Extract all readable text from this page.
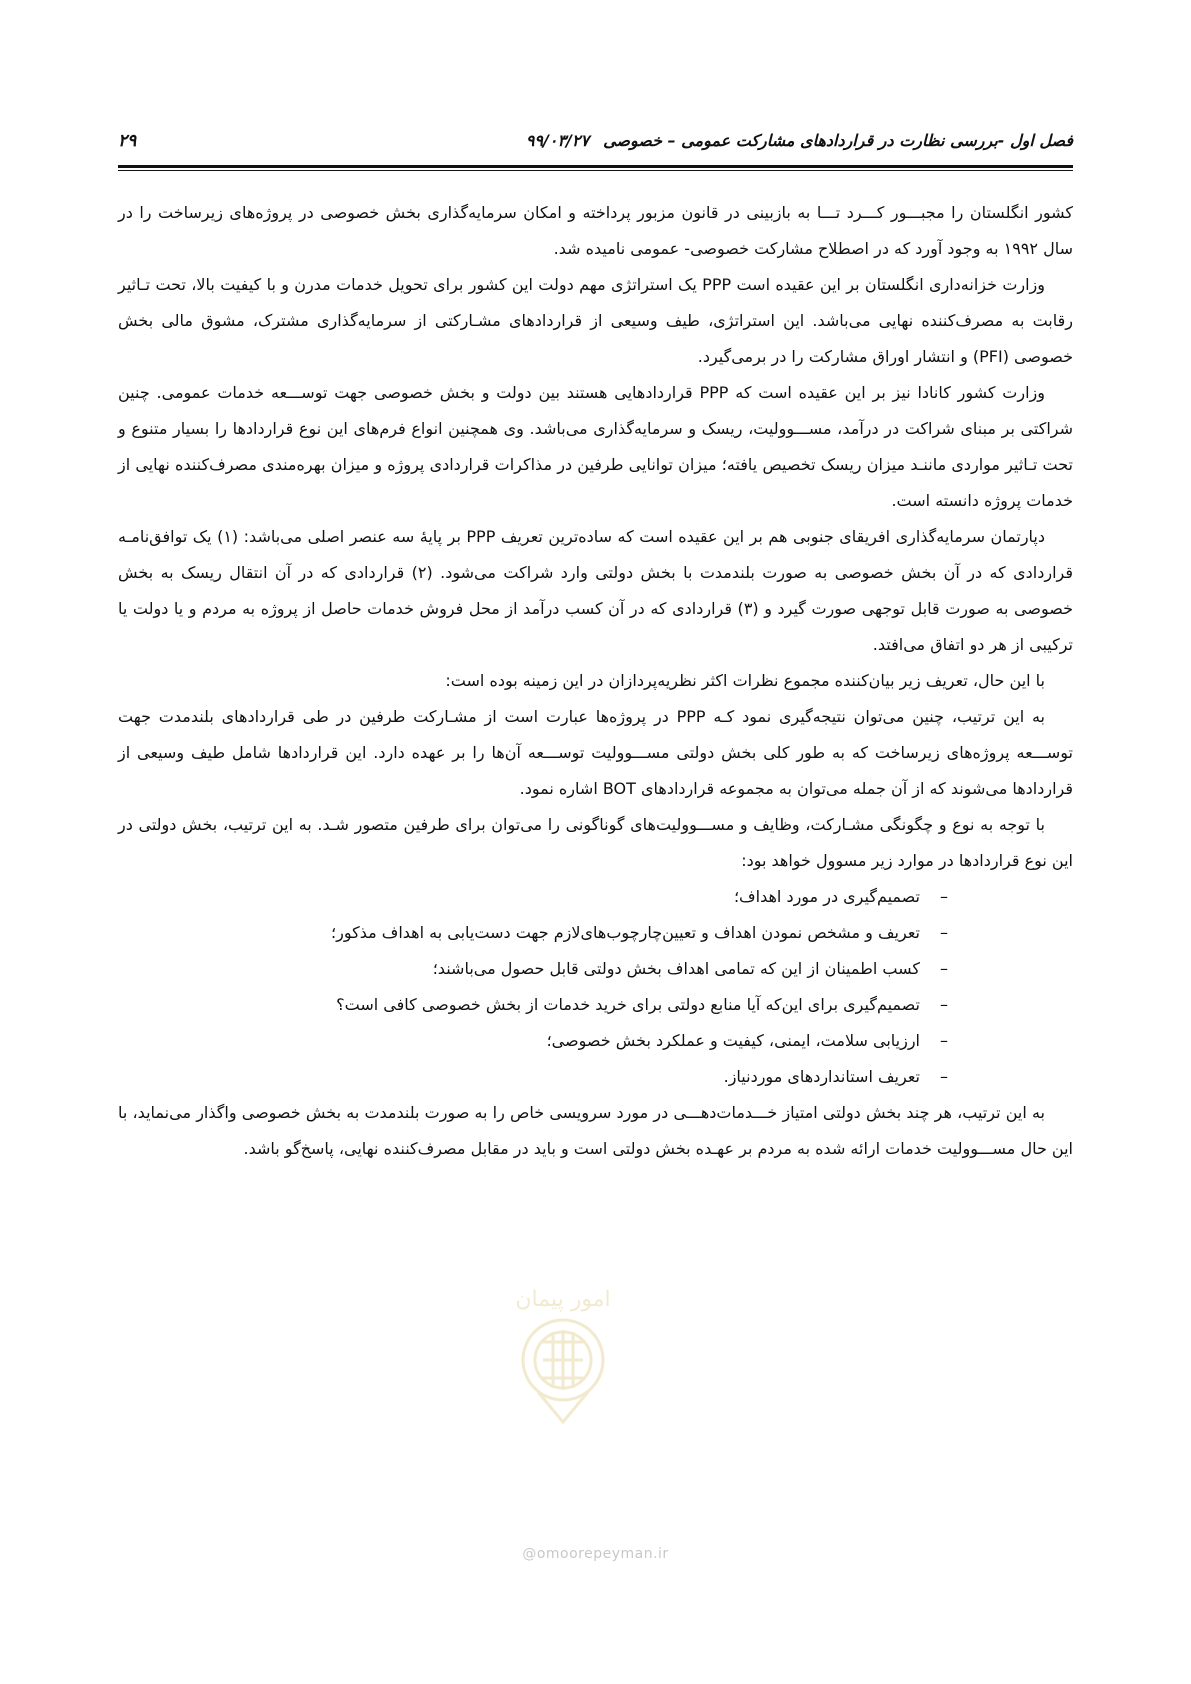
فصل اول -بررسی نظارت در قراردادهای مشارکت عمومی – خصوصی۹۹/۰۳/۲۷
۲۹

کشور انگلستان را مجبـــور کـــرد تـــا به بازبینی در قانون مزبور پرداخته و امکان سرمایه‌گذاری بخش خصوصی در پروژه‌های زیرساخت را در سال ۱۹۹۲ به وجود آورد که در اصطلاح مشارکت خصوصی- عمومی نامیده شد.

وزارت خزانه‌داری انگلستان بر این عقیده است PPP یک استراتژی مهم دولت این کشور برای تحویل خدمات مدرن و با کیفیت بالا، تحت تـاثیر رقابت به مصرف‌کننده نهایی می‌باشد. این استراتژی، طیف وسیعی از قراردادهای مشـارکتی از سرمایه‌گذاری مشترک، مشوق مالی بخش خصوصی (PFI) و انتشار اوراق مشارکت را در برمی‌گیرد.

وزارت کشور کانادا نیز بر این عقیده است که PPP قراردادهایی هستند بین دولت و بخش خصوصی جهت توســـعه خدمات عمومی. چنین شراکتی بر مبنای شراکت در درآمد، مســـوولیت، ریسک و سرمایه‌گذاری می‌باشد. وی همچنین انواع فرم‌های این نوع قراردادها را بسیار متنوع و تحت تـاثیر مواردی ماننـد میزان ریسک تخصیص یافته؛ میزان توانایی طرفین در مذاکرات قراردادی پروژه و میزان بهره‌مندی مصرف‌کننده نهایی از خدمات پروژه دانسته است.

دپارتمان سرمایه‌گذاری افریقای جنوبی هم بر این عقیده است که ساده‌ترین تعریف PPP بر پایهٔ سه عنصر اصلی می‌باشد: (۱) یک توافق‌نامـه قراردادی که در آن بخش خصوصی به صورت بلندمدت با بخش دولتی وارد شراکت می‌شود. (۲) قراردادی که در آن انتقال ریسک به بخش خصوصی به صورت قابل توجهی صورت گیرد و (۳) قراردادی که در آن کسب درآمد از محل فروش خدمات حاصل از پروژه به مردم و یا دولت یا ترکیبی از هر دو اتفاق می‌افتد.

با این حال، تعریف زیر بیان‌کننده مجموع نظرات اکثر نظریه‌پردازان در این زمینه بوده است:

به این ترتیب، چنین می‌توان نتیجه‌گیری نمود کـه PPP در پروژه‌ها عبارت است از مشـارکت طرفین در طی قراردادهای بلندمدت جهت توســـعه پروژه‌های زیرساخت که به طور کلی بخش دولتی مســـوولیت توســـعه آن‌ها را بر عهده دارد. این قراردادها شامل طیف وسیعی از قراردادها می‌شوند که از آن جمله می‌توان به مجموعه قراردادهای BOT اشاره نمود.

با توجه به نوع و چگونگی مشـارکت، وظایف و مســـوولیت‌های گوناگونی را می‌توان برای طرفین متصور شـد. به این ترتیب، بخش دولتی در این نوع قراردادها در موارد زیر مسوول خواهد بود:

– تصمیم‌گیری در مورد اهداف؛
– تعریف و مشخص نمودن اهداف و تعیین‌چارچوب‌های‌لازم جهت دست‌یابی به اهداف مذکور؛
– کسب اطمینان از این که تمامی اهداف بخش دولتی قابل حصول می‌باشند؛
– تصمیم‌گیری برای این‌که آیا منابع دولتی برای خرید خدمات از بخش خصوصی کافی است؟
– ارزیابی سلامت، ایمنی، کیفیت و عملکرد بخش خصوصی؛
– تعریف استانداردهای موردنیاز.

به این ترتیب، هر چند بخش دولتی امتیاز خـــدمات‌دهـــی در مورد سرویسی خاص را به صورت بلندمدت به بخش خصوصی واگذار می‌نماید، با این حال مســـوولیت خدمات ارائه شده به مردم بر عهـده بخش دولتی است و باید در مقابل مصرف‌کننده نهایی، پاسخ‌گو باشد.

امور پیمان
@omoorepeyman.ir
